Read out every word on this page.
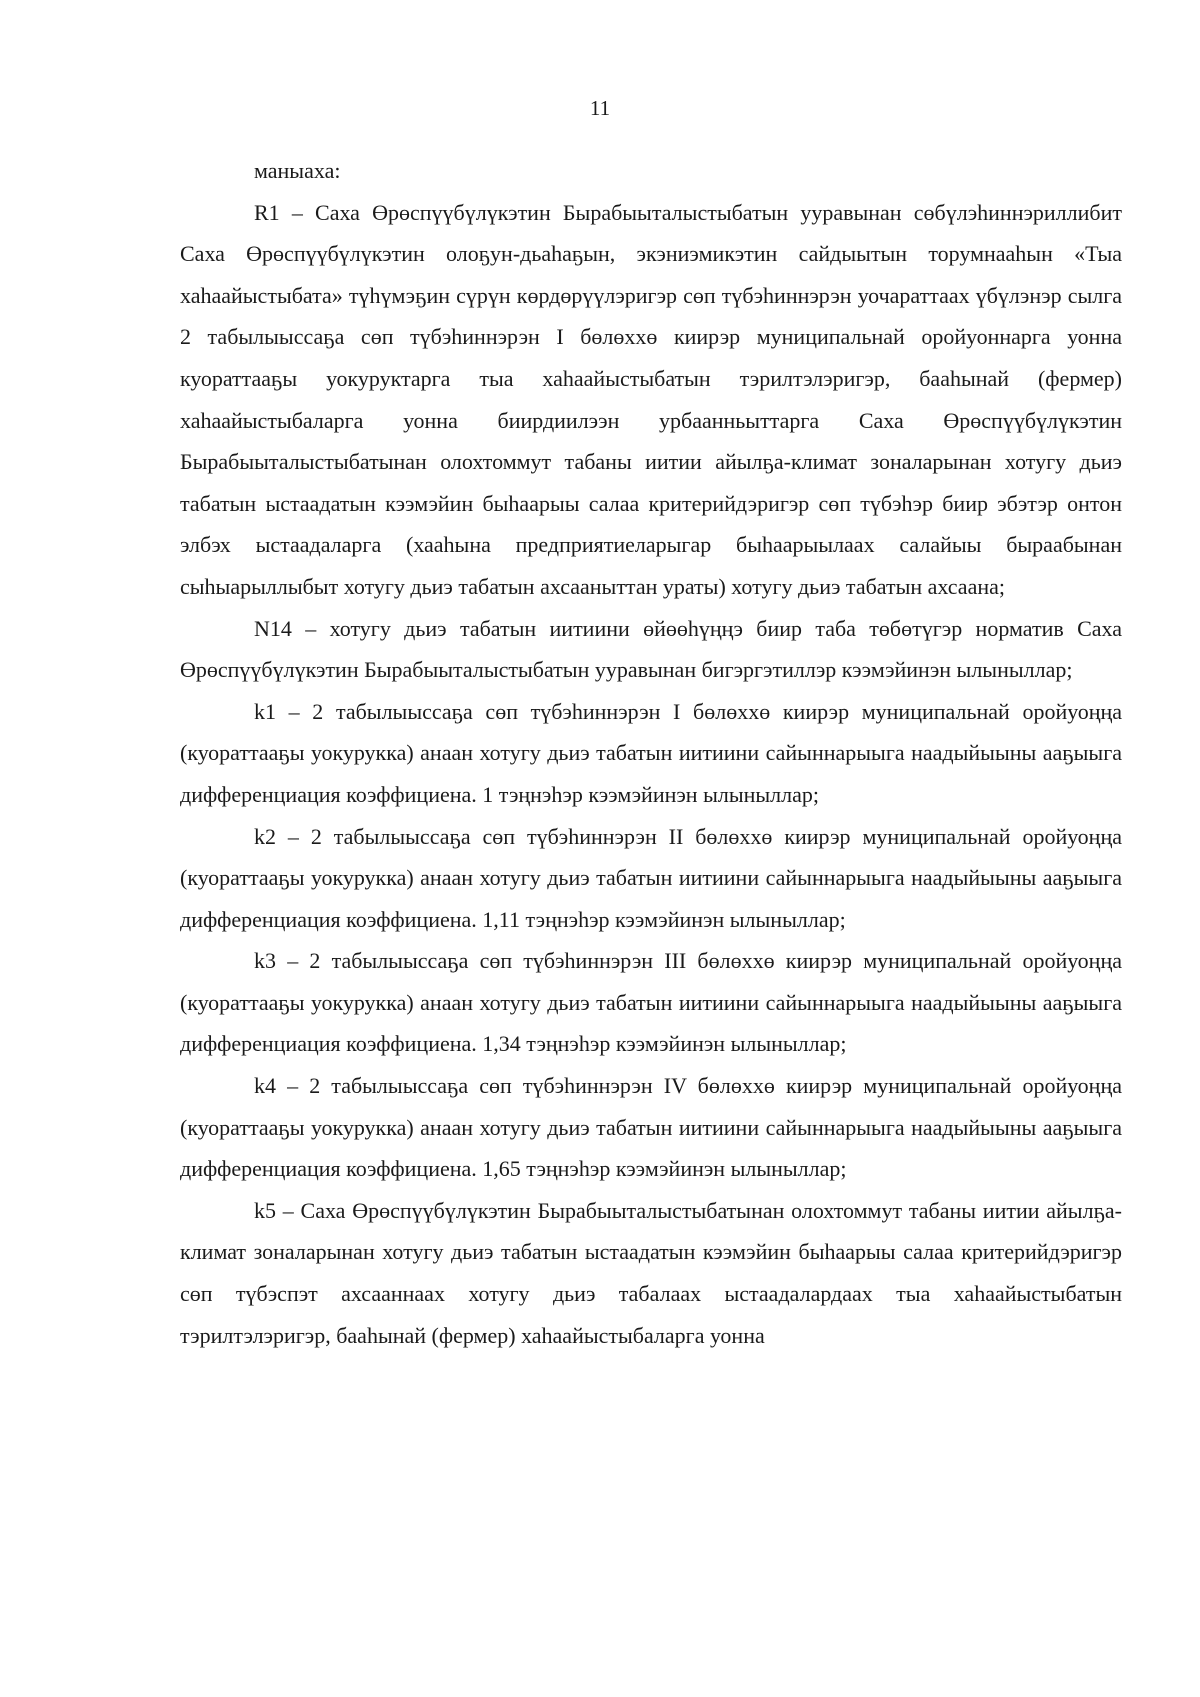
11

маныаха:

R1 – Саха Өрөспүүбүлүкэтин Бырабыыталыстыбатын ууравынан сөбүлэһиннэриллибит Саха Өрөспүүбүлүкэтин олоҕун-дьаһаҕын, экэниэмикэтин сайдыытын торумнааһын «Тыа хаһаайыстыбата» түһүмэҕин сүрүн көрдөрүүлэригэр сөп түбэһиннэрэн уочараттаах үбүлэнэр сылга 2 табылыыссаҕа сөп түбэһиннэрэн I бөлөххө киирэр муниципальнай оройуоннарга уонна куораттааҕы уокуруктарга тыа хаһаайыстыбатын тэрилтэлэригэр, бааһынай (фермер) хаһаайыстыбаларга уонна биирдиилээн урбаанньыттарга Саха Өрөспүүбүлүкэтин Бырабыыталыстыбатынан олохтоммут табаны иитии айылҕа-климат зоналарынан хотугу дьиэ табатын ыстаадатын кээмэйин быһаарыы салаа критерийдэригэр сөп түбэһэр биир эбэтэр онтон элбэх ыстаадаларга (хааһына предприятиеларыгар быһаарыылаах салайыы быраабынан сыһыарыллыбыт хотугу дьиэ табатын ахсааныттан ураты) хотугу дьиэ табатын ахсаана;

N14 – хотугу дьиэ табатын иитиини өйөөһүңңэ биир таба төбөтүгэр норматив Саха Өрөспүүбүлүкэтин Бырабыыталыстыбатын ууравынан бигэргэтиллэр кээмэйинэн ылыныллар;

k1 – 2 табылыыссаҕа сөп түбэһиннэрэн I бөлөххө киирэр муниципальнай оройуоңңа (куораттааҕы уокурукка) анаан хотугу дьиэ табатын иитиини сайыннарыыга наадыйыыны ааҕыыга дифференциация коэффициена. 1 тэңнэһэр кээмэйинэн ылыныллар;

k2 – 2 табылыыссаҕа сөп түбэһиннэрэн II бөлөххө киирэр муниципальнай оройуоңңа (куораттааҕы уокурукка) анаан хотугу дьиэ табатын иитиини сайыннарыыга наадыйыыны ааҕыыга дифференциация коэффициена. 1,11 тэңнэһэр кээмэйинэн ылыныллар;

k3 – 2 табылыыссаҕа сөп түбэһиннэрэн III бөлөххө киирэр муниципальнай оройуоңңа (куораттааҕы уокурукка) анаан хотугу дьиэ табатын иитиини сайыннарыыга наадыйыыны ааҕыыга дифференциация коэффициена. 1,34 тэңнэһэр кээмэйинэн ылыныллар;

k4 – 2 табылыыссаҕа сөп түбэһиннэрэн IV бөлөххө киирэр муниципальнай оройуоңңа (куораттааҕы уокурукка) анаан хотугу дьиэ табатын иитиини сайыннарыыга наадыйыыны ааҕыыга дифференциация коэффициена. 1,65 тэңнэһэр кээмэйинэн ылыныллар;

k5 – Саха Өрөспүүбүлүкэтин Бырабыыталыстыбатынан олохтоммут табаны иитии айылҕа-климат зоналарынан хотугу дьиэ табатын ыстаадатын кээмэйин быһаарыы салаа критерийдэригэр сөп түбэспэт ахсааннаах хотугу дьиэ табалаах ыстаадалардаах тыа хаһаайыстыбатын тэрилтэлэригэр, бааһынай (фермер) хаһаайыстыбаларга уонна
